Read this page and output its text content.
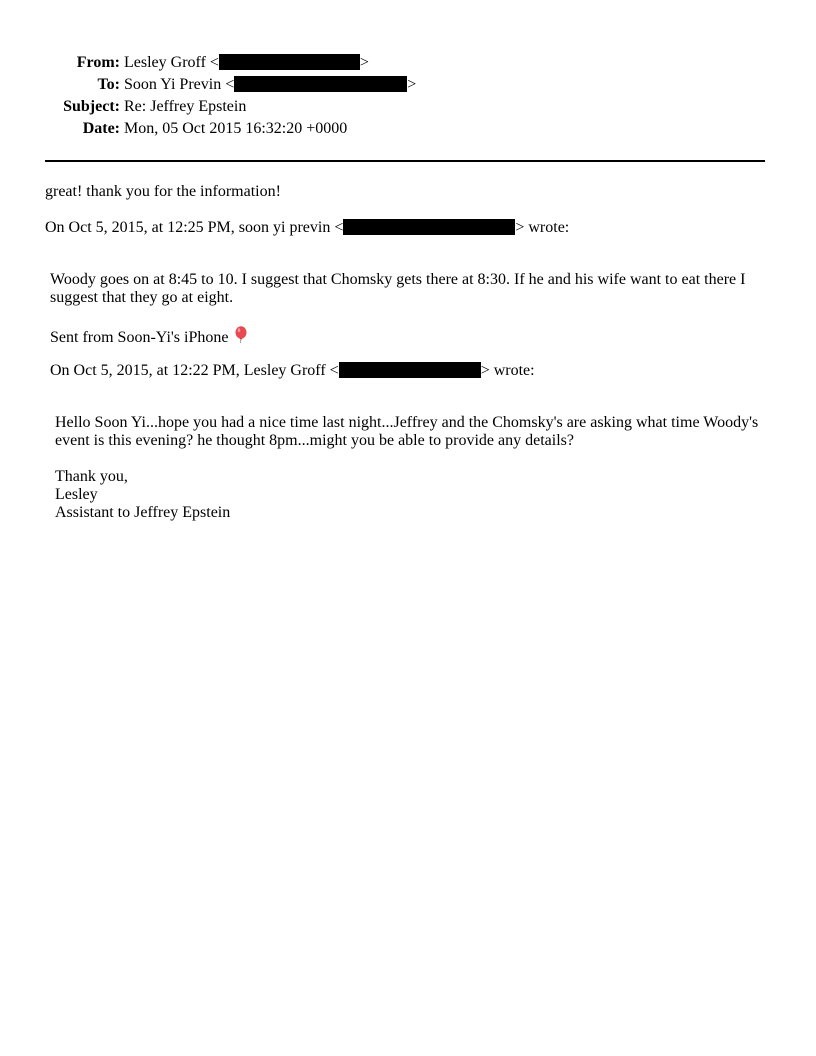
From: Lesley Groff <	>
To: Soon Yi Previn <	>
Subject: Re: Jeffrey Epstein
Date: Mon, 05 Oct 2015 16:32:20 +0000
great! thank you for the information!
On Oct 5, 2015, at 12:25 PM, soon yi previn <	> wrote:
Woody goes on at 8:45 to 10. I suggest that Chomsky gets there at 8:30. If he and his wife want to eat there I
suggest that they go at eight.
Sent from Soon-Yi's iPhone
On Oct 5, 2015, at 12:22 PM, Lesley Groff <	> wrote:
Hello Soon Yi...hope you had a nice time last night...Jeffrey and the Chomsky's are asking what time Woody's
event is this evening? he thought 8pm...might you be able to provide any details?
Thank you,
Lesley
Assistant to Jeffrey Epstein
